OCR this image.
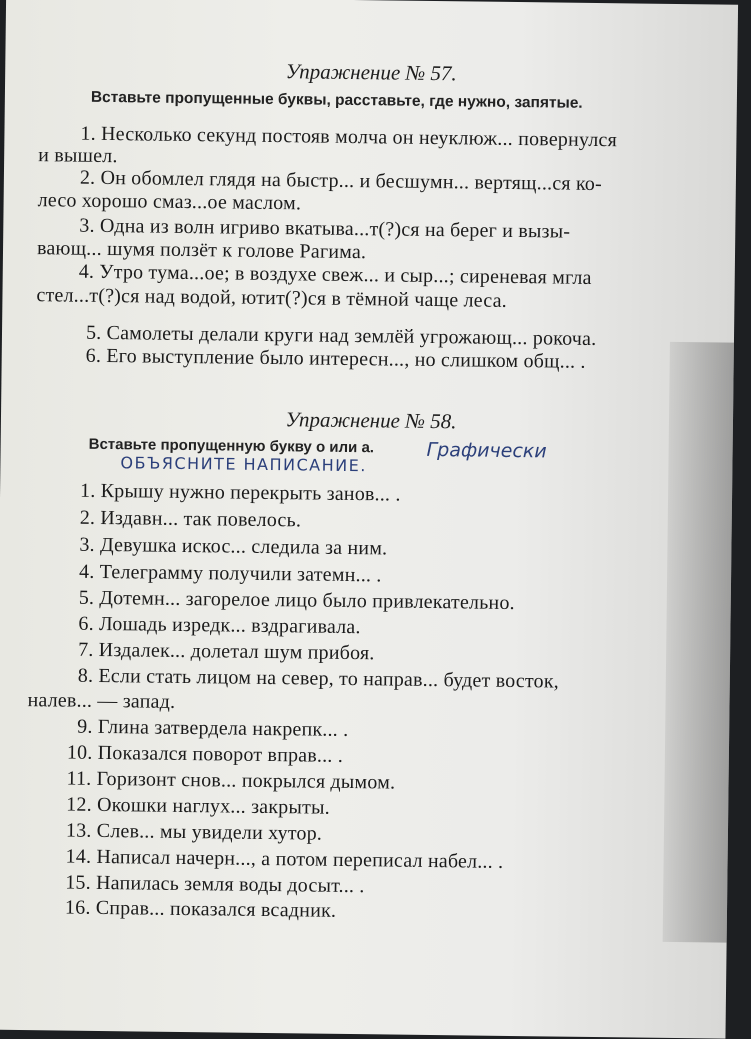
Упражнение № 57.
Вставьте пропущенные буквы, расставьте, где нужно, запятые.
1. Несколько секунд постояв молча он неуклюж... повернулся
и вышел.
2. Он обомлел глядя на быстр... и бесшумн... вертящ...ся ко-
лесо хорошо смаз...ое маслом.
3. Одна из волн игриво вкатыва...т(?)ся на берег и вызы-
вающ... шумя ползёт к голове Рагима.
4. Утро тума...ое; в воздухе свеж... и сыр...; сиреневая мгла
стел...т(?)ся над водой, ютит(?)ся в тёмной чаще леса.
5. Самолеты делали круги над землёй угрожающ... рокоча.
6. Его выступление было интересн..., но слишком общ... .
Упражнение № 58.
Вставьте пропущенную букву о или а.	Графически
ОБЪЯСНИТЕ НАПИСАНИЕ.
1. Крышу нужно перекрыть занов... .
2. Издавн... так повелось.
3. Девушка искос... следила за ним.
4. Телеграмму получили затемн... .
5. Дотемн... загорелое лицо было привлекательно.
6. Лошадь изредк... вздрагивала.
7. Издалек... долетал шум прибоя.
8. Если стать лицом на север, то направ... будет восток,
налев... — запад.
9. Глина затвердела накрепк... .
10. Показался поворот вправ... .
11. Горизонт снов... покрылся дымом.
12. Окошки наглух... закрыты.
13. Слев... мы увидели хутор.
14. Написал начерн..., а потом переписал набел... .
15. Напилась земля воды досыт... .
16. Справ... показался всадник.
